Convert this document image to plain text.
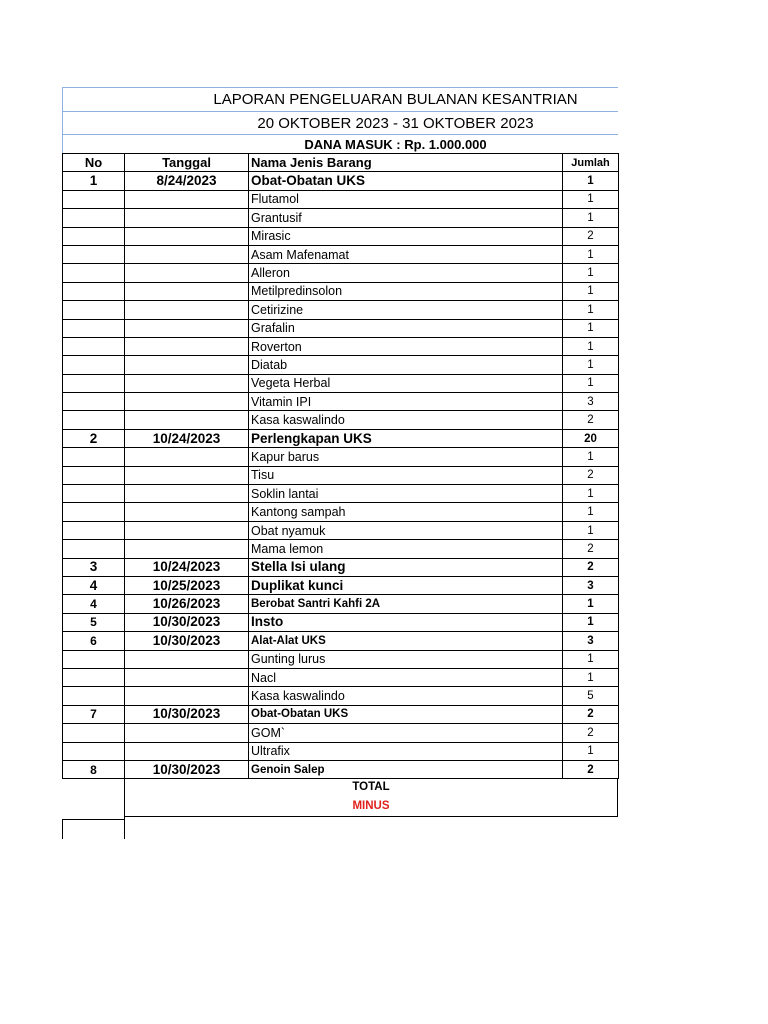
LAPORAN PENGELUARAN BULANAN KESANTRIAN
20 OKTOBER 2023 - 31 OKTOBER 2023
DANA MASUK : Rp. 1.000.000
No	Tanggal	Nama Jenis Barang	Jumlah
1	8/24/2023	Obat-Obatan UKS	1
		Flutamol	1
		Grantusif	1
		Mirasic	2
		Asam Mafenamat	1
		Alleron	1
		Metilpredinsolon	1
		Cetirizine	1
		Grafalin	1
		Roverton	1
		Diatab	1
		Vegeta Herbal	1
		Vitamin IPI	3
		Kasa kaswalindo	2
2	10/24/2023	Perlengkapan UKS	20
		Kapur barus	1
		Tisu	2
		Soklin lantai	1
		Kantong sampah	1
		Obat nyamuk	1
		Mama lemon	2
3	10/24/2023	Stella Isi ulang	2
4	10/25/2023	Duplikat kunci	3
4	10/26/2023	Berobat Santri Kahfi 2A	1
5	10/30/2023	Insto	1
6	10/30/2023	Alat-Alat UKS	3
		Gunting lurus	1
		Nacl	1
		Kasa kaswalindo	5
7	10/30/2023	Obat-Obatan UKS	2
		GOM`	2
		Ultrafix	1
8	10/30/2023	Genoin Salep	2
TOTAL
MINUS
